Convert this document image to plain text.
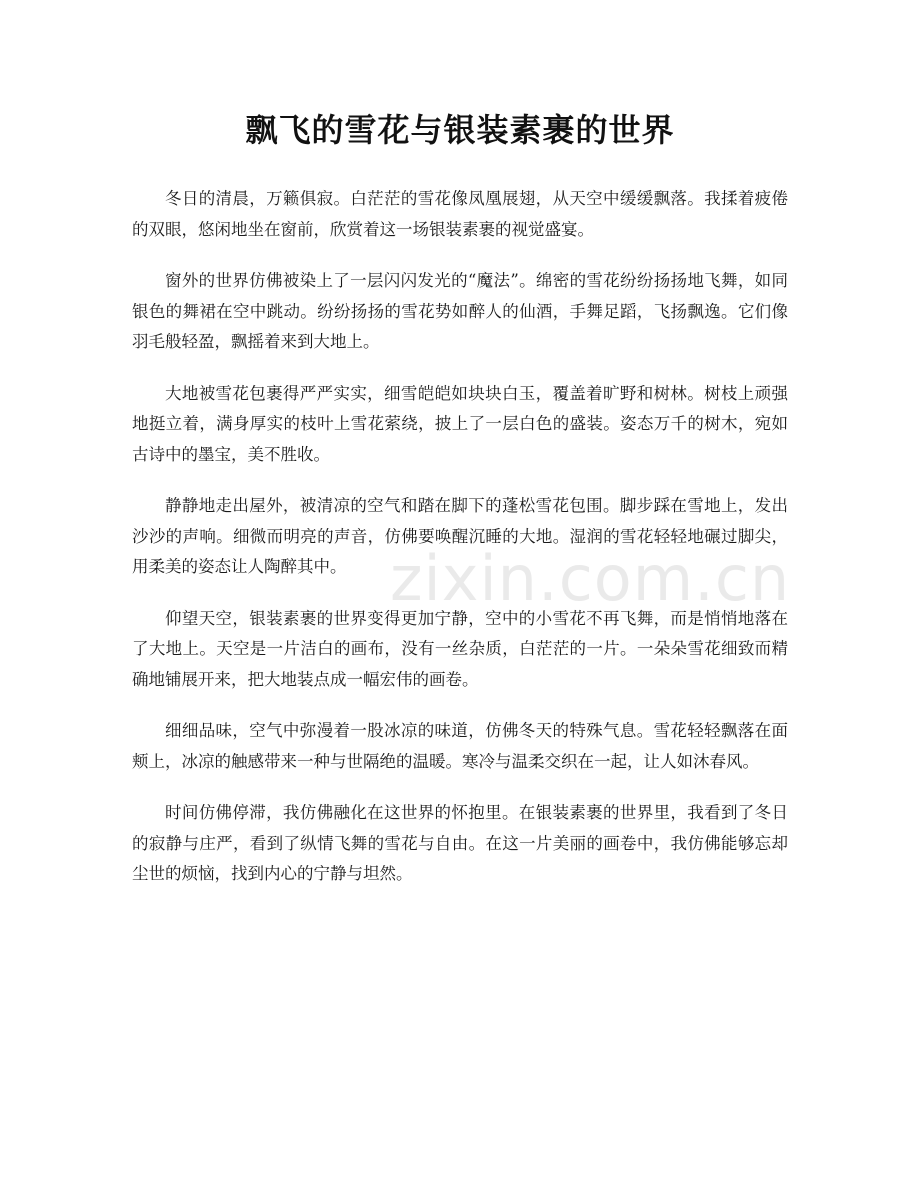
飘飞的雪花与银装素裹的世界

冬日的清晨，万籁俱寂。白茫茫的雪花像凤凰展翅，从天空中缓缓飘落。我揉着疲倦的双眼，悠闲地坐在窗前，欣赏着这一场银装素裹的视觉盛宴。

窗外的世界仿佛被染上了一层闪闪发光的“魔法”。绵密的雪花纷纷扬扬地飞舞，如同银色的舞裙在空中跳动。纷纷扬扬的雪花势如醉人的仙酒，手舞足蹈，飞扬飘逸。它们像羽毛般轻盈，飘摇着来到大地上。

大地被雪花包裹得严严实实，细雪皑皑如块块白玉，覆盖着旷野和树林。树枝上顽强地挺立着，满身厚实的枝叶上雪花萦绕，披上了一层白色的盛装。姿态万千的树木，宛如古诗中的墨宝，美不胜收。

静静地走出屋外，被清凉的空气和踏在脚下的蓬松雪花包围。脚步踩在雪地上，发出沙沙的声响。细微而明亮的声音，仿佛要唤醒沉睡的大地。湿润的雪花轻轻地碾过脚尖，用柔美的姿态让人陶醉其中。

仰望天空，银装素裹的世界变得更加宁静，空中的小雪花不再飞舞，而是悄悄地落在了大地上。天空是一片洁白的画布，没有一丝杂质，白茫茫的一片。一朵朵雪花细致而精确地铺展开来，把大地装点成一幅宏伟的画卷。

细细品味，空气中弥漫着一股冰凉的味道，仿佛冬天的特殊气息。雪花轻轻飘落在面颊上，冰凉的触感带来一种与世隔绝的温暖。寒冷与温柔交织在一起，让人如沐春风。

时间仿佛停滞，我仿佛融化在这世界的怀抱里。在银装素裹的世界里，我看到了冬日的寂静与庄严，看到了纵情飞舞的雪花与自由。在这一片美丽的画卷中，我仿佛能够忘却尘世的烦恼，找到内心的宁静与坦然。

zixin.com.cn
